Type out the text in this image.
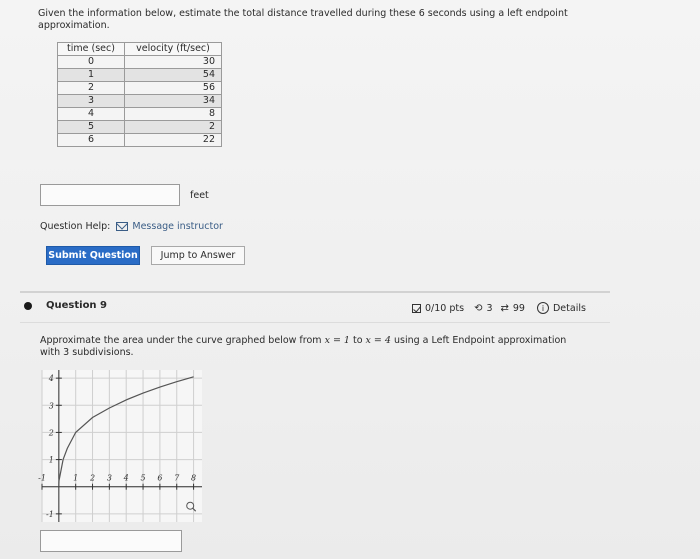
Given the information below, estimate the total distance travelled during these 6 seconds using a left endpoint
approximation.
time (sec)	velocity (ft/sec)
0	30
1	54
2	56
3	34
4	8
5	2
6	22
feet
Question Help: Message instructor
Submit Question	Jump to Answer
Question 9	0/10 pts ⟲ 3 ⇄ 99	i Details
Approximate the area under the curve graphed below from x = 1 to x = 4 using a Left Endpoint approximation
with 3 subdivisions.
-1	1 2 3 4 5 6 7 8
4
3
2
1
-1
